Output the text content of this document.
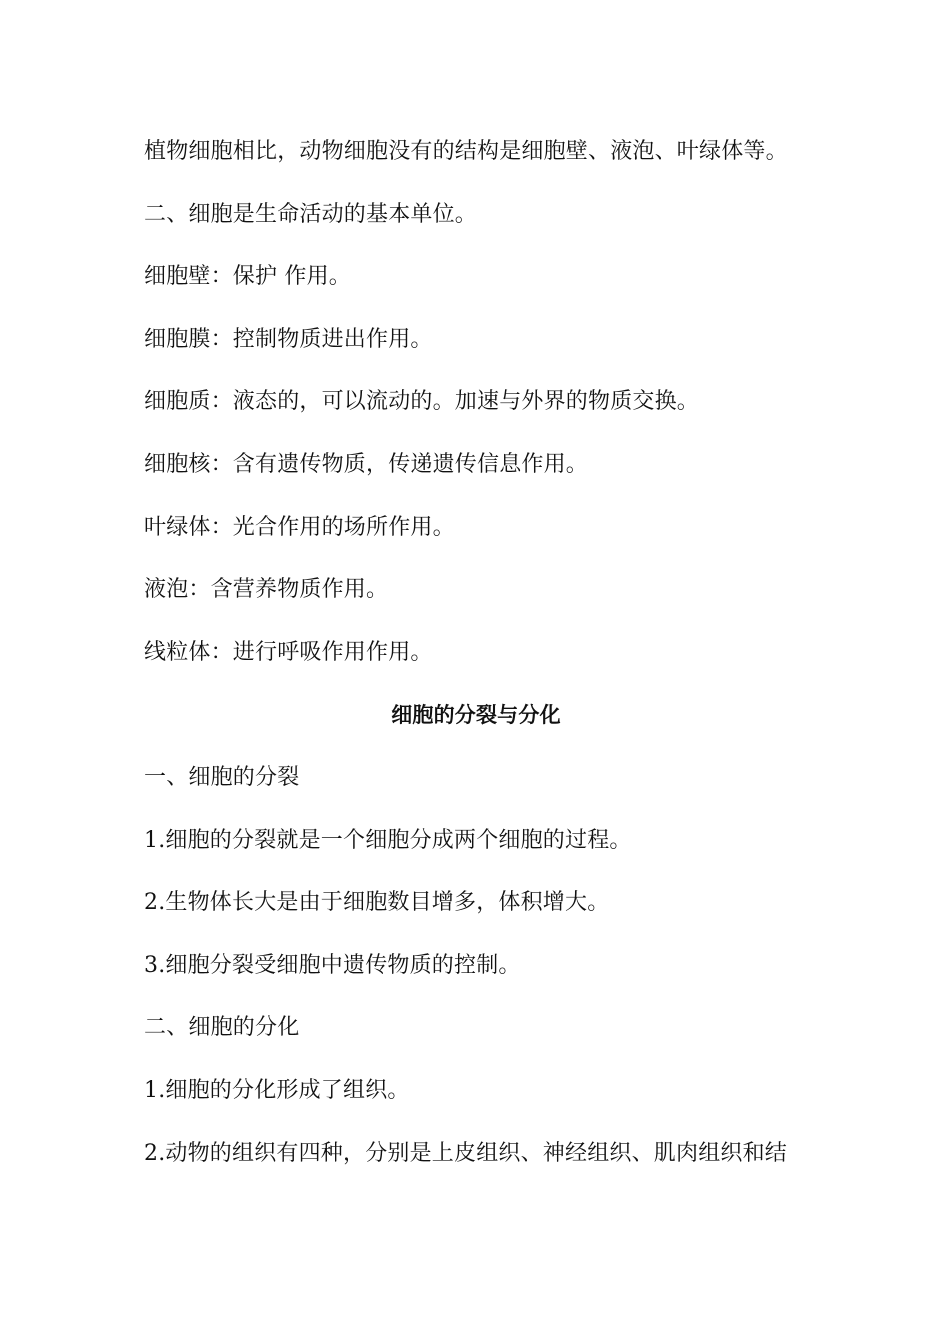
植物细胞相比，动物细胞没有的结构是细胞壁、液泡、叶绿体等。
二、细胞是生命活动的基本单位。
细胞壁：保护 作用。
细胞膜：控制物质进出作用。
细胞质：液态的，可以流动的。加速与外界的物质交换。
细胞核：含有遗传物质，传递遗传信息作用。
叶绿体：光合作用的场所作用。
液泡：含营养物质作用。
线粒体：进行呼吸作用作用。
细胞的分裂与分化
一、细胞的分裂
1.细胞的分裂就是一个细胞分成两个细胞的过程。
2.生物体长大是由于细胞数目增多，体积增大。
3.细胞分裂受细胞中遗传物质的控制。
二、细胞的分化
1.细胞的分化形成了组织。
2.动物的组织有四种，分别是上皮组织、神经组织、肌肉组织和结
